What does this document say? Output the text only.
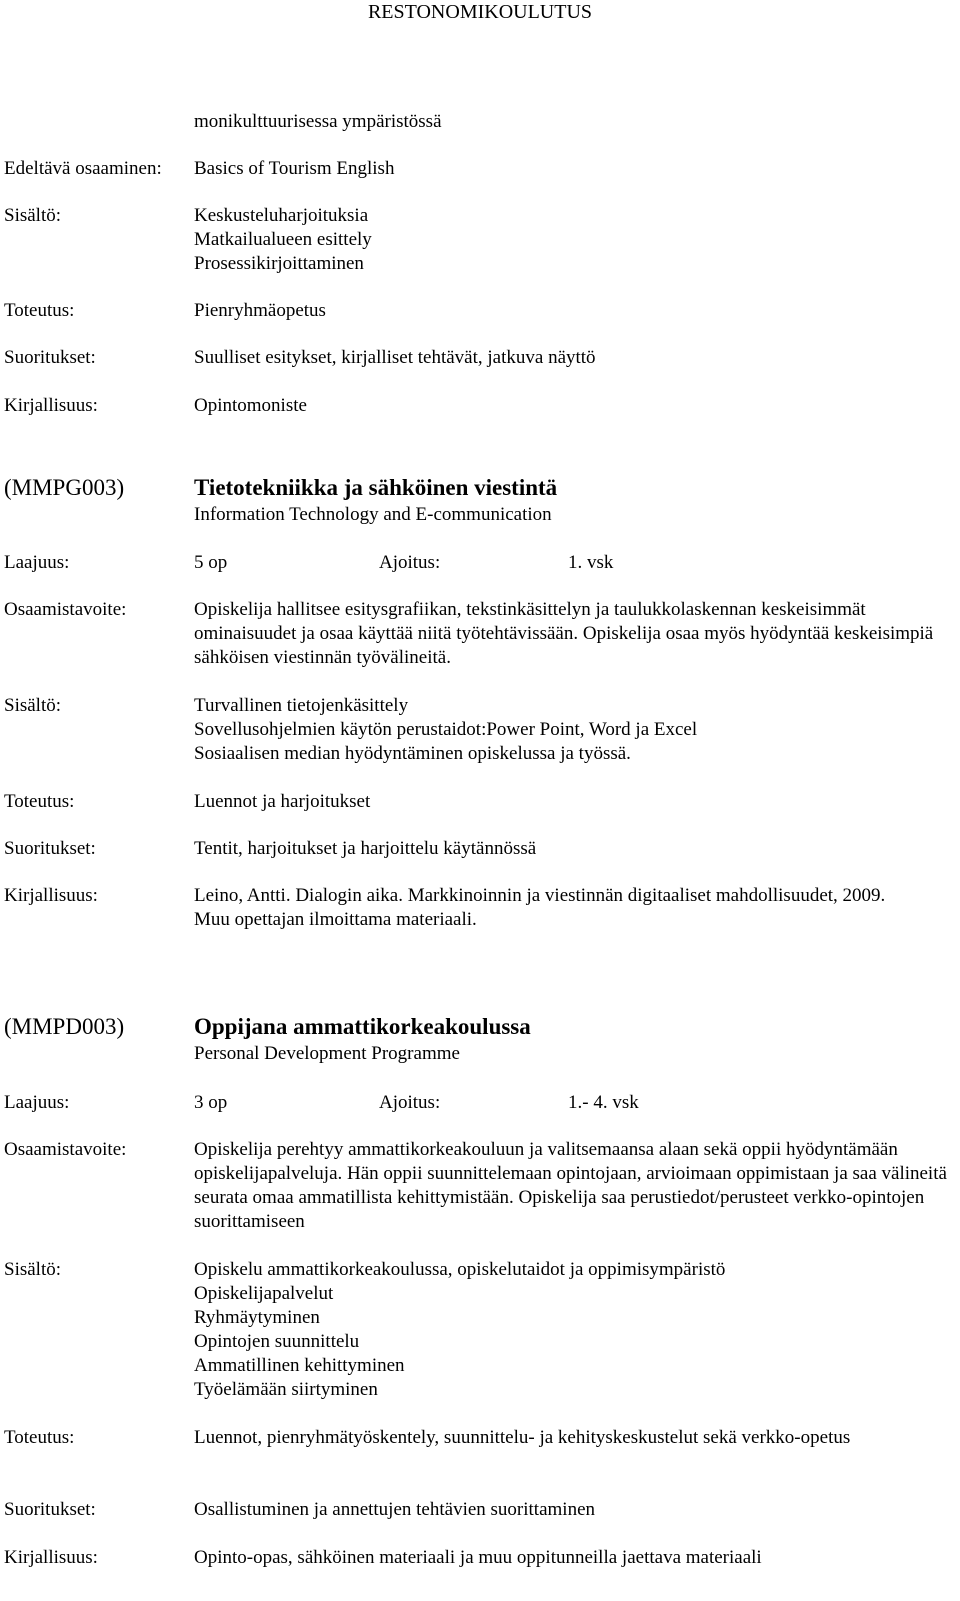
RESTONOMIKOULUTUS
monikulttuurisessa ympäristössä
Edeltävä osaaminen: Basics of Tourism English
Sisältö:	Keskusteluharjoituksia
Matkailualueen esittely
Prosessikirjoittaminen
Toteutus:	Pienryhmäopetus
Suoritukset:	Suulliset esitykset, kirjalliset tehtävät, jatkuva näyttö
Kirjallisuus:	Opintomoniste
(MMPG003)	Tietotekniikka ja sähköinen viestintä
Information Technology and E-communication
Laajuus:	5 op	Ajoitus:	1. vsk
Osaamistavoite:	Opiskelija hallitsee esitysgrafiikan, tekstinkäsittelyn ja taulukkolaskennan keskeisimmät ominaisuudet ja osaa käyttää niitä työtehtävissään. Opiskelija osaa myös hyödyntää keskeisimpiä sähköisen viestinnän työvälineitä.
Sisältö:	Turvallinen tietojenkäsittely
Sovellusohjelmien käytön perustaidot:Power Point, Word ja Excel
Sosiaalisen median hyödyntäminen opiskelussa ja työssä.
Toteutus:	Luennot ja harjoitukset
Suoritukset:	Tentit, harjoitukset ja harjoittelu käytännössä
Kirjallisuus:	Leino, Antti. Dialogin aika. Markkinoinnin ja viestinnän digitaaliset mahdollisuudet, 2009.
Muu opettajan ilmoittama materiaali.
(MMPD003)	Oppijana ammattikorkeakoulussa
Personal Development Programme
Laajuus:	3 op	Ajoitus:	1.- 4. vsk
Osaamistavoite:	Opiskelija perehtyy ammattikorkeakouluun ja valitsemaansa alaan sekä oppii hyödyntämään opiskelijapalveluja. Hän oppii suunnittelemaan opintojaan, arvioimaan oppimistaan ja saa välineitä seurata omaa ammatillista kehittymistään. Opiskelija saa perustiedot/perusteet verkko-opintojen suorittamiseen
Sisältö:	Opiskelu ammattikorkeakoulussa, opiskelutaidot ja oppimisympäristö
Opiskelijapalvelut
Ryhmäytyminen
Opintojen suunnittelu
Ammatillinen kehittyminen
Työelämään siirtyminen
Toteutus:	Luennot, pienryhmätyöskentely, suunnittelu- ja kehityskeskustelut sekä verkko-opetus
Suoritukset:	Osallistuminen ja annettujen tehtävien suorittaminen
Kirjallisuus:	Opinto-opas, sähköinen materiaali ja muu oppitunneilla jaettava materiaali
